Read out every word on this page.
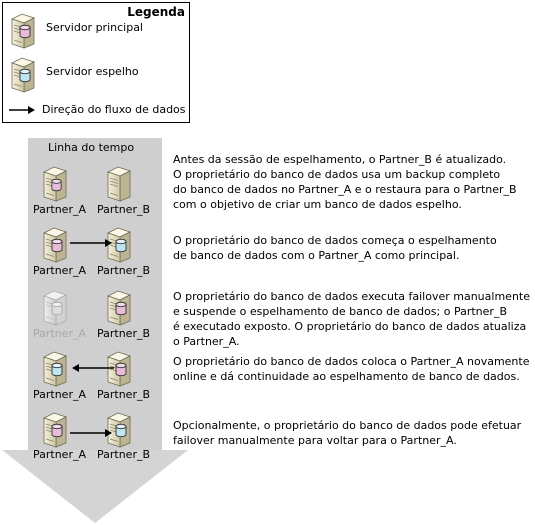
Legenda
Servidor principal
Servidor espelho
Direção do fluxo de dados
Linha do tempo
Partner_A Partner_B
Antes da sessão de espelhamento, o Partner_B é atualizado.
O proprietário do banco de dados usa um backup completo
do banco de dados no Partner_A e o restaura para o Partner_B
com o objetivo de criar um banco de dados espelho.
Partner_A Partner_B
O proprietário do banco de dados começa o espelhamento
de banco de dados com o Partner_A como principal.
Partner_A Partner_B
O proprietário do banco de dados executa failover manualmente
e suspende o espelhamento de banco de dados; o Partner_B
é executado exposto. O proprietário do banco de dados atualiza
o Partner_A.
Partner_A Partner_B
O proprietário do banco de dados coloca o Partner_A novamente
online e dá continuidade ao espelhamento de banco de dados.
Partner_A Partner_B
Opcionalmente, o proprietário do banco de dados pode efetuar
failover manualmente para voltar para o Partner_A.
